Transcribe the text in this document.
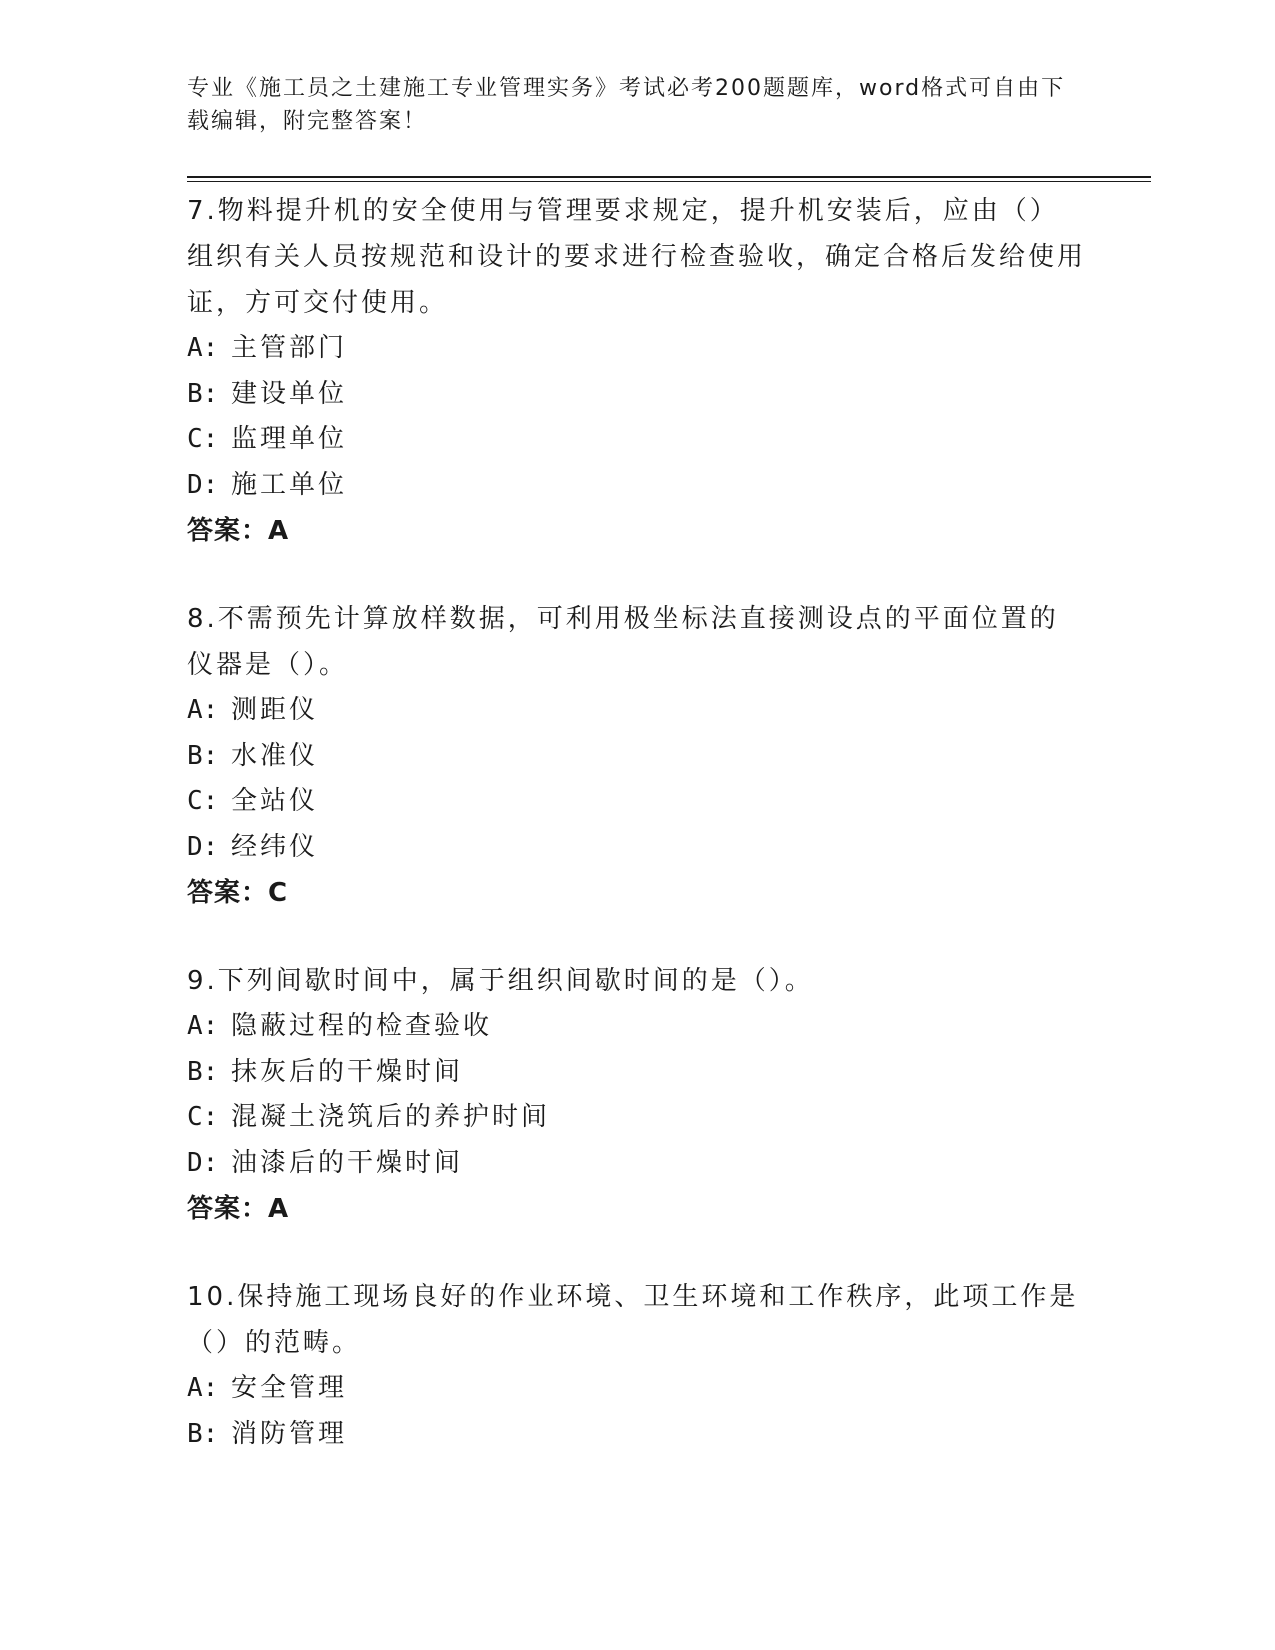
专业《施工员之土建施工专业管理实务》考试必考200题题库，word格式可自由下载编辑，附完整答案！

7.物料提升机的安全使用与管理要求规定，提升机安装后，应由（）组织有关人员按规范和设计的要求进行检查验收，确定合格后发给使用证，方可交付使用。

A: 主管部门

B: 建设单位

C: 监理单位

D: 施工单位

答案：A

8.不需预先计算放样数据，可利用极坐标法直接测设点的平面位置的仪器是（）。

A: 测距仪

B: 水准仪

C: 全站仪

D: 经纬仪

答案：C

9.下列间歇时间中，属于组织间歇时间的是（）。

A: 隐蔽过程的检查验收

B: 抹灰后的干燥时间

C: 混凝土浇筑后的养护时间

D: 油漆后的干燥时间

答案：A

10.保持施工现场良好的作业环境、卫生环境和工作秩序，此项工作是（）的范畴。

A: 安全管理

B: 消防管理
